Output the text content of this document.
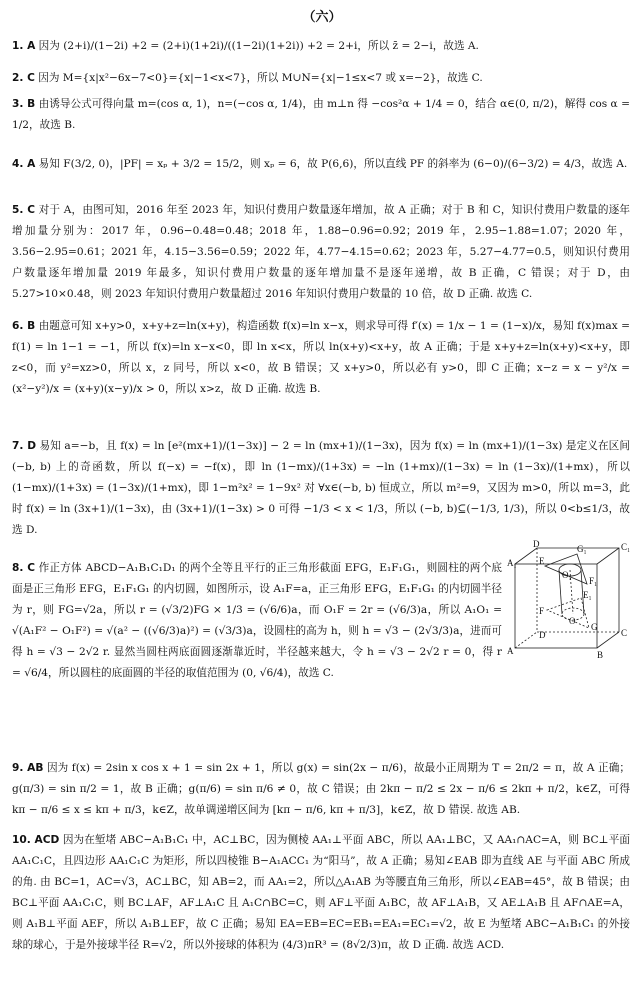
（六）
1. A 因为 (2+i)/(1−2i) +2 = (2+i)(1+2i)/((1−2i)(1+2i)) +2 = 2+i，所以 z̄ = 2−i，故选 A.
2. C 因为 M={x|x²−6x−7<0}={x|−1<x<7}，所以 M∪N={x|−1≤x<7 或 x=−2}，故选 C.
3. B 由诱导公式可得向量 m=(cos α, 1)，n=(−cos α, 1/4)，由 m⊥n 得 −cos²α + 1/4 = 0，结合 α∈(0, π/2)，解得 cos α = 1/2，故选 B.
4. A 易知 F(3/2, 0)，|PF| = xₚ + 3/2 = 15/2，则 xₚ = 6，故 P(6,6)，所以直线 PF 的斜率为 (6−0)/(6−3/2) = 4/3，故选 A.
5. C 对于 A，由图可知，2016 年至 2023 年，知识付费用户数量逐年增加，故 A 正确；对于 B 和 C，知识付费用户数量的逐年增加量分别为：2017 年，0.96−0.48=0.48；2018 年，1.88−0.96=0.92；2019 年，2.95−1.88=1.07；2020 年，3.56−2.95=0.61；2021 年，4.15−3.56=0.59；2022 年，4.77−4.15=0.62；2023 年，5.27−4.77=0.5，则知识付费用户数量逐年增加量 2019 年最多，知识付费用户数量的逐年增加量不是逐年递增，故 B 正确，C 错误；对于 D，由 5.27>10×0.48，则 2023 年知识付费用户数量超过 2016 年知识付费用户数量的 10 倍，故 D 正确. 故选 C.
6. B 由题意可知 x+y>0，x+y+z=ln(x+y)，构造函数 f(x)=ln x−x，则求导可得 f′(x) = 1/x − 1 = (1−x)/x，易知 f(x)max = f(1) = ln 1−1 = −1，所以 f(x)=ln x−x<0，即 ln x<x，所以 ln(x+y)<x+y，故 A 正确；于是 x+y+z=ln(x+y)<x+y，即 z<0，而 y²=xz>0，所以 x，z 同号，所以 x<0，故 B 错误；又 x+y>0，所以必有 y>0，即 C 正确；x−z = x − y²/x = (x²−y²)/x = (x+y)(x−y)/x > 0，所以 x>z，故 D 正确. 故选 B.
7. D 易知 a=−b，且 f(x) = ln [e²(mx+1)/(1−3x)] − 2 = ln (mx+1)/(1−3x)，因为 f(x) = ln (mx+1)/(1−3x) 是定义在区间 (−b, b) 上的奇函数，所以 f(−x) = −f(x)，即 ln (1−mx)/(1+3x) = −ln (1+mx)/(1−3x) = ln (1−3x)/(1+mx)，所以 (1−mx)/(1+3x) = (1−3x)/(1+mx)，即 1−m²x² = 1−9x² 对 ∀x∈(−b, b) 恒成立，所以 m²=9，又因为 m>0，所以 m=3，此时 f(x) = ln (3x+1)/(1−3x)，由 (3x+1)/(1−3x) > 0 可得 −1/3 < x < 1/3，所以 (−b, b)⊆(−1/3, 1/3)，所以 0<b≤1/3，故选 D.
8. C 作正方体 ABCD−A₁B₁C₁D₁ 的两个全等且平行的正三角形截面 EFG，E₁F₁G₁，则圆柱的两个底面是正三角形 EFG，E₁F₁G₁ 的内切圆，如图所示，设 A₁F=a，正三角形 EFG，E₁F₁G₁ 的内切圆半径为 r，则 FG=√2a，所以 r = (√3/2)FG × 1/3 = (√6/6)a，而 O₁F = 2r = (√6/3)a，所以 A₁O₁ = √(A₁F² − O₁F²) = √(a² − ((√6/3)a)²) = (√3/3)a，设圆柱的高为 h，则 h = √3 − (2√3/3)a，进而可得 h = √3 − 2√2 r. 显然当圆柱两底面圆逐渐靠近时，半径越来越大，令 h = √3 − 2√2 r = 0，得 r = √6/4，所以圆柱的底面圆的半径的取值范围为 (0, √6/4)，故选 C.
D	C₁
A₁ E
G₁
O₁
F₁
O
G
E₁
C
F
D
A	B
9. AB 因为 f(x) = 2sin x cos x + 1 = sin 2x + 1，所以 g(x) = sin(2x − π/6)，故最小正周期为 T = 2π/2 = π，故 A 正确；g(π/3) = sin π/2 = 1，故 B 正确；g(π/6) = sin π/6 ≠ 0，故 C 错误；由 2kπ − π/2 ≤ 2x − π/6 ≤ 2kπ + π/2，k∈Z，可得 kπ − π/6 ≤ x ≤ kπ + π/3，k∈Z，故单调递增区间为 [kπ − π/6, kπ + π/3]，k∈Z，故 D 错误. 故选 AB.
10. ACD 因为在堑堵 ABC−A₁B₁C₁ 中，AC⊥BC，因为侧棱 AA₁⊥平面 ABC，所以 AA₁⊥BC，又 AA₁∩AC=A，则 BC⊥平面 AA₁C₁C，且四边形 AA₁C₁C 为矩形，所以四棱锥 B−A₁ACC₁ 为“阳马”，故 A 正确；易知∠EAB 即为直线 AE 与平面 ABC 所成的角. 由 BC=1，AC=√3，AC⊥BC，知 AB=2，而 AA₁=2，所以△A₁AB 为等腰直角三角形，所以∠EAB=45°，故 B 错误；由 BC⊥平面 AA₁C₁C，则 BC⊥AF，AF⊥A₁C 且 A₁C∩BC=C，则 AF⊥平面 A₁BC，故 AF⊥A₁B，又 AE⊥A₁B 且 AF∩AE=A，则 A₁B⊥平面 AEF，所以 A₁B⊥EF，故 C 正确；易知 EA=EB=EC=EB₁=EA₁=EC₁=√2，故 E 为堑堵 ABC−A₁B₁C₁ 的外接球的球心，于是外接球半径 R=√2，所以外接球的体积为 (4/3)πR³ = (8√2/3)π，故 D 正确. 故选 ACD.
